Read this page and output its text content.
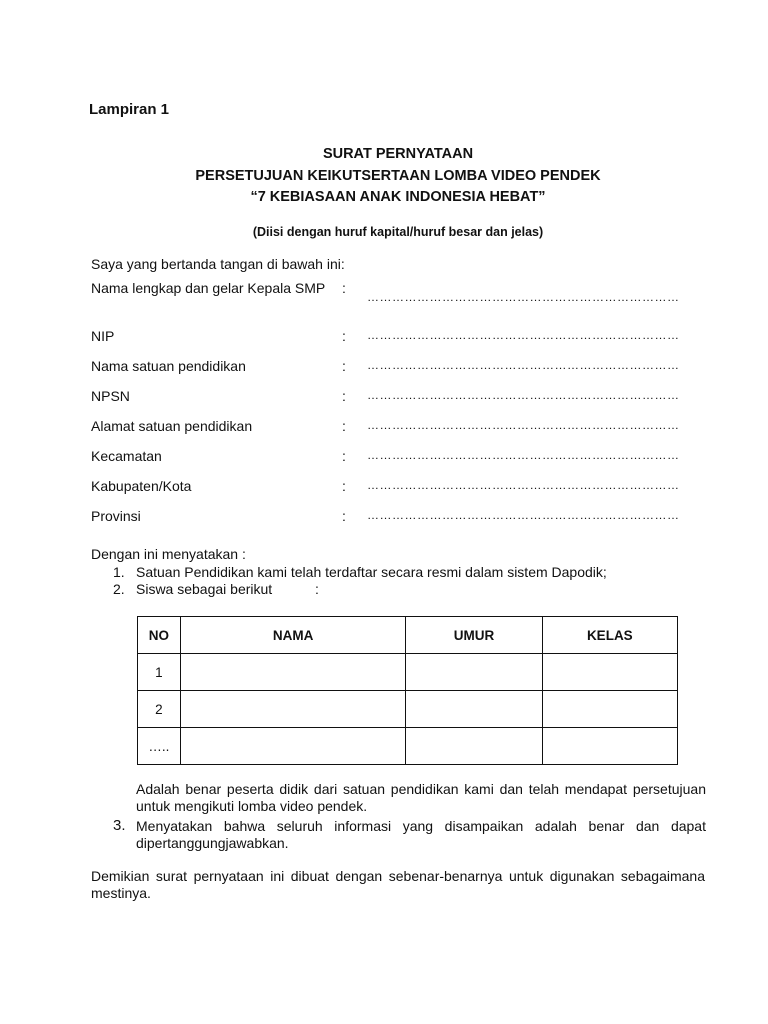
Lampiran 1
SURAT PERNYATAAN
PERSETUJUAN KEIKUTSERTAAN LOMBA VIDEO PENDEK
“7 KEBIASAAN ANAK INDONESIA HEBAT”
(Diisi dengan huruf kapital/huruf besar dan jelas)
Saya yang bertanda tangan di bawah ini:
Nama lengkap dan gelar Kepala SMP	:
…………………………………………………………………
NIP	: …………………………………………………………………
Nama satuan pendidikan	: …………………………………………………………………
NPSN	: …………………………………………………………………
Alamat satuan pendidikan	: …………………………………………………………………
Kecamatan	: …………………………………………………………………
Kabupaten/Kota	: …………………………………………………………………
Provinsi	: …………………………………………………………………
Dengan ini menyatakan :
1. Satuan Pendidikan kami telah terdaftar secara resmi dalam sistem Dapodik;
2. Siswa sebagai berikut	:
NO	NAMA	UMUR	KELAS
1			
2			
…..			
Adalah benar peserta didik dari satuan pendidikan kami dan telah mendapat persetujuan untuk mengikuti lomba video pendek.
3. Menyatakan bahwa seluruh informasi yang disampaikan adalah benar dan dapat dipertanggungjawabkan.
Demikian surat pernyataan ini dibuat dengan sebenar-benarnya untuk digunakan sebagaimana mestinya.
